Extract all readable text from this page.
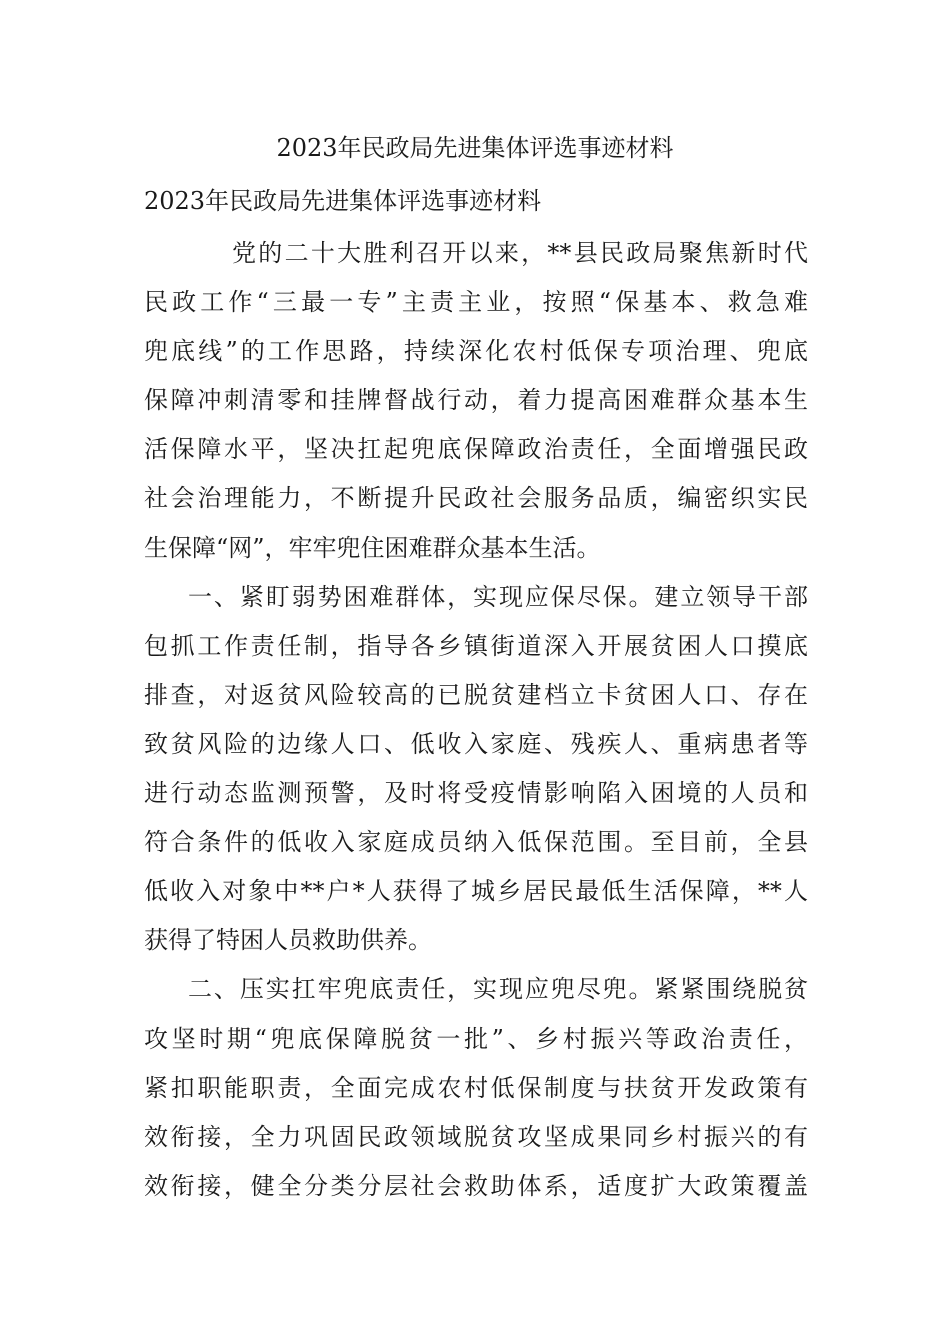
2023年民政局先进集体评选事迹材料
2023年民政局先进集体评选事迹材料
党的二十大胜利召开以来，**县民政局聚焦新时代
民政工作“三最一专”主责主业，按照“保基本、救急难
兜底线”的工作思路，持续深化农村低保专项治理、兜底
保障冲刺清零和挂牌督战行动，着力提高困难群众基本生
活保障水平，坚决扛起兜底保障政治责任，全面增强民政
社会治理能力，不断提升民政社会服务品质，编密织实民
生保障“网”，牢牢兜住困难群众基本生活。
一、紧盯弱势困难群体，实现应保尽保。建立领导干部
包抓工作责任制，指导各乡镇街道深入开展贫困人口摸底
排查，对返贫风险较高的已脱贫建档立卡贫困人口、存在
致贫风险的边缘人口、低收入家庭、残疾人、重病患者等
进行动态监测预警，及时将受疫情影响陷入困境的人员和
符合条件的低收入家庭成员纳入低保范围。至目前，全县
低收入对象中**户*人获得了城乡居民最低生活保障，**人
获得了特困人员救助供养。
二、压实扛牢兜底责任，实现应兜尽兜。紧紧围绕脱贫
攻坚时期“兜底保障脱贫一批”、乡村振兴等政治责任，
紧扣职能职责，全面完成农村低保制度与扶贫开发政策有
效衔接，全力巩固民政领域脱贫攻坚成果同乡村振兴的有
效衔接，健全分类分层社会救助体系，适度扩大政策覆盖
